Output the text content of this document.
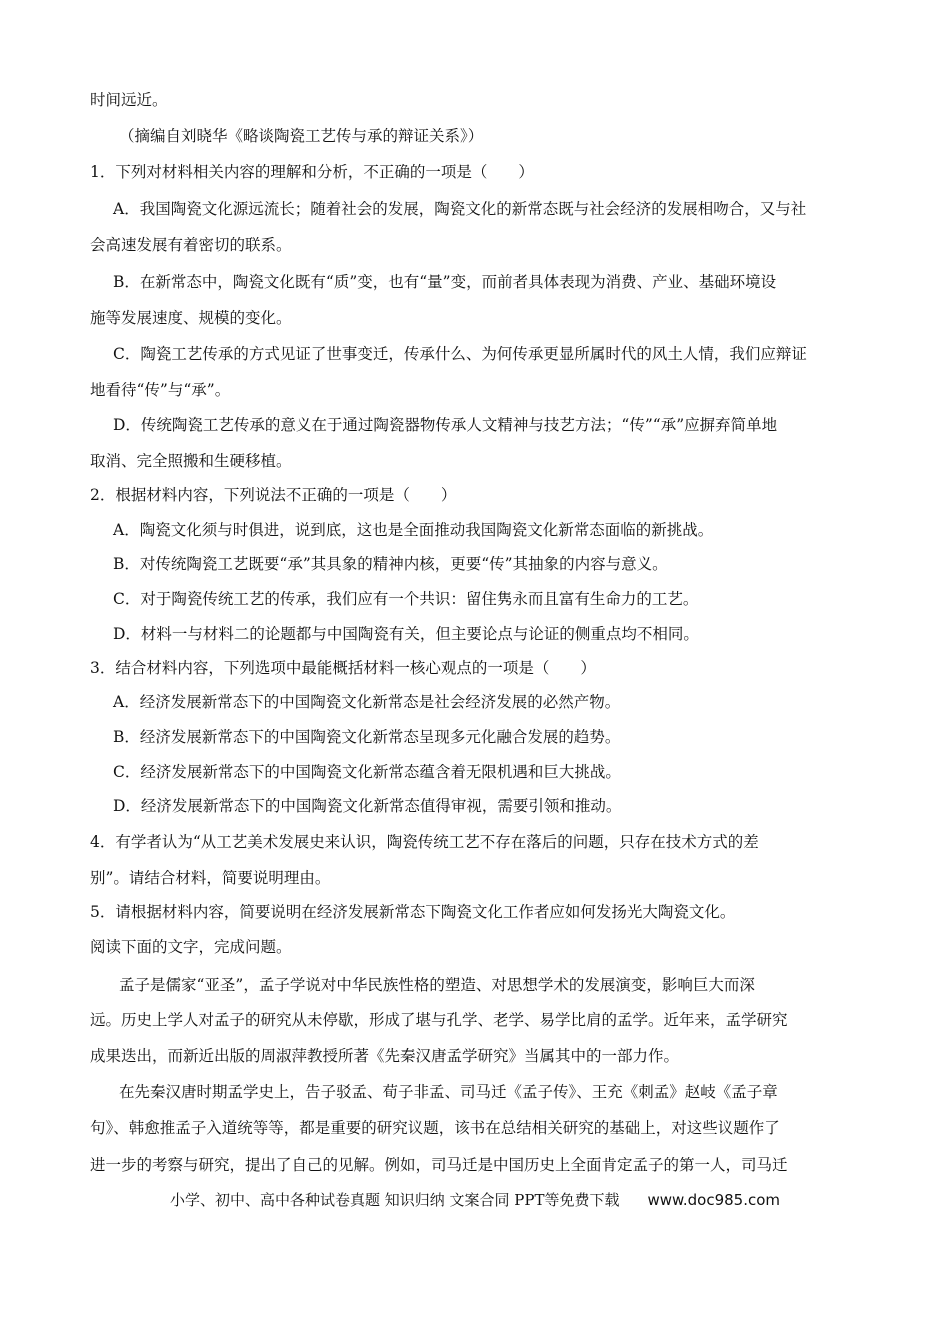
时间远近。
（摘编自刘晓华《略谈陶瓷工艺传与承的辩证关系》）
1．下列对材料相关内容的理解和分析，不正确的一项是（　　）
A．我国陶瓷文化源远流长；随着社会的发展，陶瓷文化的新常态既与社会经济的发展相吻合，又与社
会高速发展有着密切的联系。
B．在新常态中，陶瓷文化既有“质”变，也有“量”变，而前者具体表现为消费、产业、基础环境设
施等发展速度、规模的变化。
C．陶瓷工艺传承的方式见证了世事变迁，传承什么、为何传承更显所属时代的风土人情，我们应辩证
地看待“传”与“承”。
D．传统陶瓷工艺传承的意义在于通过陶瓷器物传承人文精神与技艺方法；“传”“承”应摒弃简单地
取消、完全照搬和生硬移植。
2．根据材料内容，下列说法不正确的一项是（　　）
A．陶瓷文化须与时俱进，说到底，这也是全面推动我国陶瓷文化新常态面临的新挑战。
B．对传统陶瓷工艺既要“承”其具象的精神内核，更要“传”其抽象的内容与意义。
C．对于陶瓷传统工艺的传承，我们应有一个共识：留住隽永而且富有生命力的工艺。
D．材料一与材料二的论题都与中国陶瓷有关，但主要论点与论证的侧重点均不相同。
3．结合材料内容，下列选项中最能概括材料一核心观点的一项是（　　）
A．经济发展新常态下的中国陶瓷文化新常态是社会经济发展的必然产物。
B．经济发展新常态下的中国陶瓷文化新常态呈现多元化融合发展的趋势。
C．经济发展新常态下的中国陶瓷文化新常态蕴含着无限机遇和巨大挑战。
D．经济发展新常态下的中国陶瓷文化新常态值得审视，需要引领和推动。
4．有学者认为“从工艺美术发展史来认识，陶瓷传统工艺不存在落后的问题，只存在技术方式的差
别”。请结合材料，简要说明理由。
5．请根据材料内容，简要说明在经济发展新常态下陶瓷文化工作者应如何发扬光大陶瓷文化。
阅读下面的文字，完成问题。
孟子是儒家“亚圣”，孟子学说对中华民族性格的塑造、对思想学术的发展演变，影响巨大而深
远。历史上学人对孟子的研究从未停歇，形成了堪与孔学、老学、易学比肩的孟学。近年来，孟学研究
成果迭出，而新近出版的周淑萍教授所著《先秦汉唐孟学研究》当属其中的一部力作。
在先秦汉唐时期孟学史上，告子驳孟、荀子非孟、司马迁《孟子传》、王充《刺孟》赵岐《孟子章
句》、韩愈推孟子入道统等等，都是重要的研究议题，该书在总结相关研究的基础上，对这些议题作了
进一步的考察与研究，提出了自己的见解。例如，司马迁是中国历史上全面肯定孟子的第一人，司马迁
小学、初中、高中各种试卷真题 知识归纳 文案合同 PPT等免费下载 www.doc985.com
